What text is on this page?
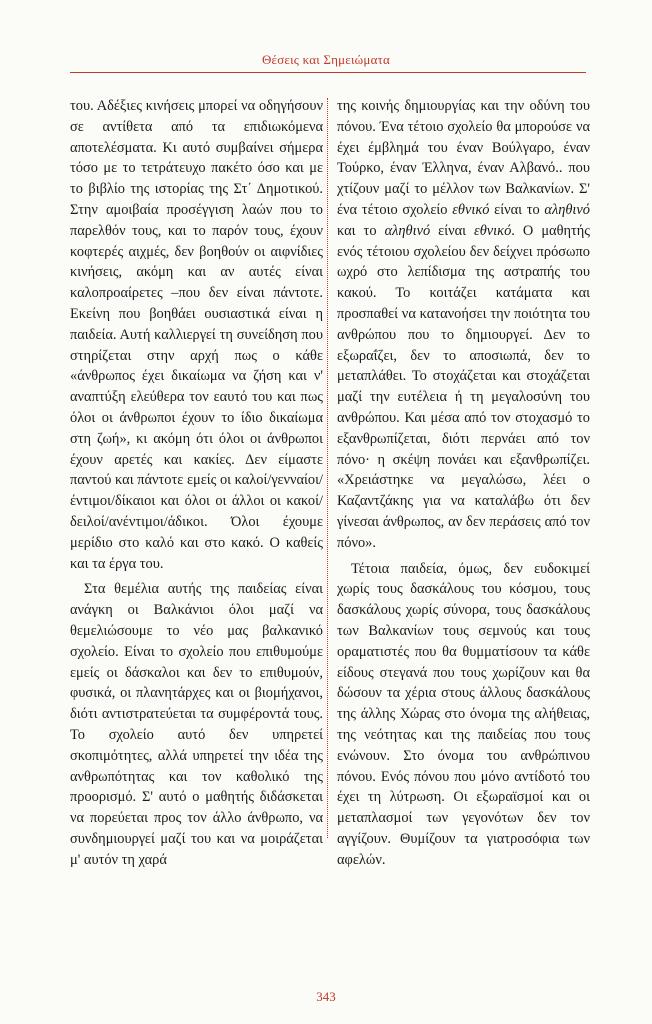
Θέσεις και Σημειώματα

του. Αδέξιες κινήσεις μπορεί να οδηγήσουν σε αντίθετα από τα επιδιωκόμενα αποτελέσματα. Κι αυτό συμβαίνει σήμερα τόσο με το τετράτευχο πακέτο όσο και με το βιβλίο της ιστορίας της Στ΄ Δημοτικού. Στην αμοιβαία προσέγγιση λαών που το παρελθόν τους, και το παρόν τους, έχουν κοφτερές αιχμές, δεν βοηθούν οι αιφνίδιες κινήσεις, ακόμη και αν αυτές είναι καλοπροαίρετες –που δεν είναι πάντοτε. Εκείνη που βοηθάει ουσιαστικά είναι η παιδεία. Αυτή καλλιεργεί τη συνείδηση που στηρίζεται στην αρχή πως ο κάθε «άνθρωπος έχει δικαίωμα να ζήση και ν' αναπτύξη ελεύθερα τον εαυτό του και πως όλοι οι άνθρωποι έχουν το ίδιο δικαίωμα στη ζωή», κι ακόμη ότι όλοι οι άνθρωποι έχουν αρετές και κακίες. Δεν είμαστε παντού και πάντοτε εμείς οι καλοί/γενναίοι/έντιμοι/δίκαιοι και όλοι οι άλλοι οι κακοί/δειλοί/ανέντιμοι/άδικοι. Όλοι έχουμε μερίδιο στο καλό και στο κακό. Ο καθείς και τα έργα του.

Στα θεμέλια αυτής της παιδείας είναι ανάγκη οι Βαλκάνιοι όλοι μαζί να θεμελιώσουμε το νέο μας βαλκανικό σχολείο. Είναι το σχολείο που επιθυμούμε εμείς οι δάσκαλοι και δεν το επιθυμούν, φυσικά, οι πλανητάρχες και οι βιομήχανοι, διότι αντιστρατεύεται τα συμφέροντά τους. Το σχολείο αυτό δεν υπηρετεί σκοπιμότητες, αλλά υπηρετεί την ιδέα της ανθρωπότητας και τον καθολικό της προορισμό. Σ' αυτό ο μαθητής διδάσκεται να πορεύεται προς τον άλλο άνθρωπο, να συνδημιουργεί μαζί του και να μοιράζεται μ' αυτόν τη χαρά

της κοινής δημιουργίας και την οδύνη του πόνου. Ένα τέτοιο σχολείο θα μπορούσε να έχει έμβλημά του έναν Βούλγαρο, έναν Τούρκο, έναν Έλληνα, έναν Αλβανό.. που χτίζουν μαζί το μέλλον των Βαλκανίων. Σ' ένα τέτοιο σχολείο εθνικό είναι το αληθινό και το αληθινό είναι εθνικό. Ο μαθητής ενός τέτοιου σχολείου δεν δείχνει πρόσωπο ωχρό στο λεπίδισμα της αστραπής του κακού. Το κοιτάζει κατάματα και προσπαθεί να κατανοήσει την ποιότητα του ανθρώπου που το δημιουργεί. Δεν το εξωραΐζει, δεν το αποσιωπά, δεν το μεταπλάθει. Το στοχάζεται και στοχάζεται μαζί την ευτέλεια ή τη μεγαλοσύνη του ανθρώπου. Και μέσα από τον στοχασμό το εξανθρωπίζεται, διότι περνάει από τον πόνο· η σκέψη πονάει και εξανθρωπίζει. «Χρειάστηκε να μεγαλώσω, λέει ο Καζαντζάκης για να καταλάβω ότι δεν γίνεσαι άνθρωπος, αν δεν περάσεις από τον πόνο».

Τέτοια παιδεία, όμως, δεν ευδοκιμεί χωρίς τους δασκάλους του κόσμου, τους δασκάλους χωρίς σύνορα, τους δασκάλους των Βαλκανίων τους σεμνούς και τους οραματιστές που θα θυμματίσουν τα κάθε είδους στεγανά που τους χωρίζουν και θα δώσουν τα χέρια στους άλλους δασκάλους της άλλης Χώρας στο όνομα της αλήθειας, της νεότητας και της παιδείας που τους ενώνουν. Στο όνομα του ανθρώπινου πόνου. Ενός πόνου που μόνο αντίδοτό του έχει τη λύτρωση. Οι εξωραϊσμοί και οι μεταπλασμοί των γεγονότων δεν τον αγγίζουν. Θυμίζουν τα γιατροσόφια των αφελών.

343
